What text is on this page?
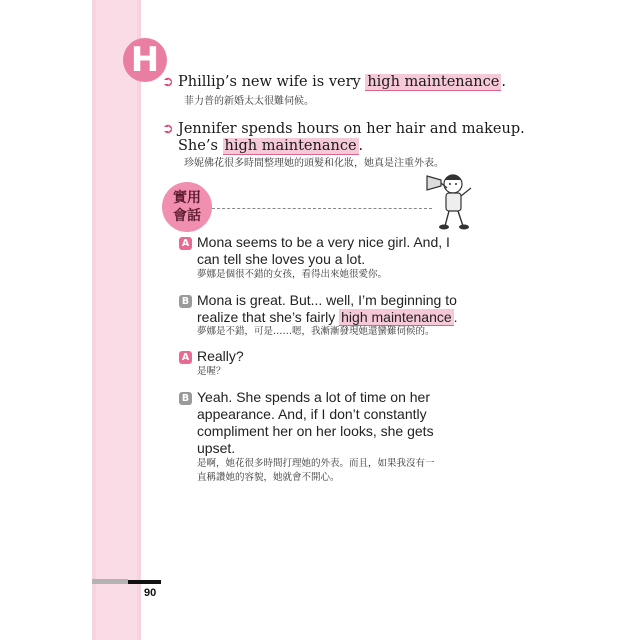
H
➲ Phillip’s new wife is very high maintenance .
菲力普的新婚太太很難伺候。
➲ Jennifer spends hours on her hair and makeup.
She’s high maintenance .
珍妮佛花很多時間整理她的頭髮和化妝，她真是注重外表。
實用
會話
A Mona seems to be a very nice girl. And, I
can tell she loves you a lot.
夢娜是個很不錯的女孩，看得出來她很愛你。
B Mona is great. But... well, I’m beginning to
realize that she’s fairly high maintenance .
夢娜是不錯，可是……嗯，我漸漸發現她還蠻難伺候的。
A Really?
是喔？
B Yeah. She spends a lot of time on her
appearance. And, if I don’t constantly
compliment her on her looks, she gets
upset.
是啊，她花很多時間打理她的外表。而且，如果我沒有一
直稱讚她的容貌，她就會不開心。
90
